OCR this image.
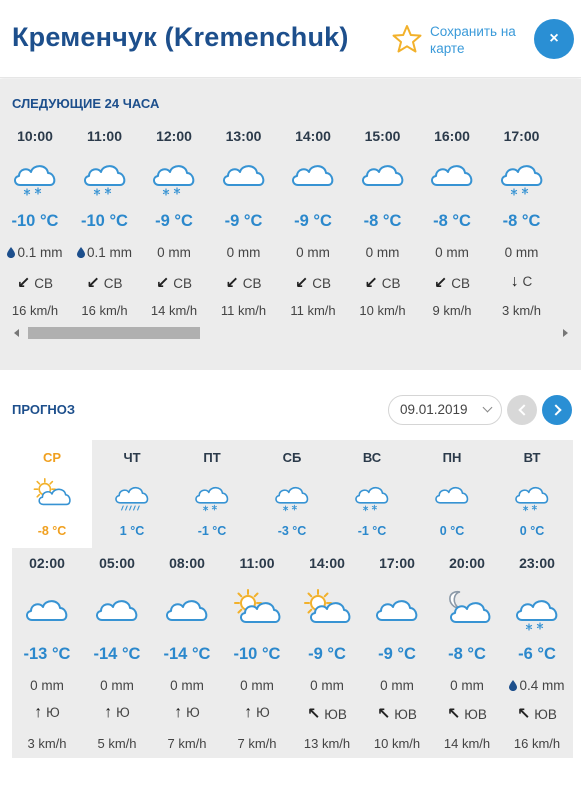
Кременчук (Kremenchuk)	Сохранить на карте
×
СЛЕДУЮЩИЕ 24 ЧАСА
10:00
-10 °C
0.1 mm
↙ СВ
16 km/h
11:00
-10 °C
0.1 mm
↙ СВ
16 km/h
12:00
-9 °C
0 mm
↙ СВ
14 km/h
13:00
-9 °C
0 mm
↙ СВ
11 km/h
14:00
-9 °C
0 mm
↙ СВ
11 km/h
15:00
-8 °C
0 mm
↙ СВ
10 km/h
16:00
-8 °C
0 mm
↙ СВ
9 km/h
17:00
-8 °C
0 mm
↓ С
3 km/h
ПРОГНОЗ	09.01.2019
СР
-8 °C
ЧТ
1 °C
ПТ
-1 °C
СБ
-3 °C
ВС
-1 °C
ПН
0 °C
ВТ
0 °C
02:00
-13 °C
0 mm
↑ Ю
3 km/h
05:00
-14 °C
0 mm
↑ Ю
5 km/h
08:00
-14 °C
0 mm
↑ Ю
7 km/h
11:00
-10 °C
0 mm
↑ Ю
7 km/h
14:00
-9 °C
0 mm
↖ ЮВ
13 km/h
17:00
-9 °C
0 mm
↖ ЮВ
10 km/h
20:00
-8 °C
0 mm
↖ ЮВ
14 km/h
23:00
-6 °C
0.4 mm
↖ ЮВ
16 km/h
